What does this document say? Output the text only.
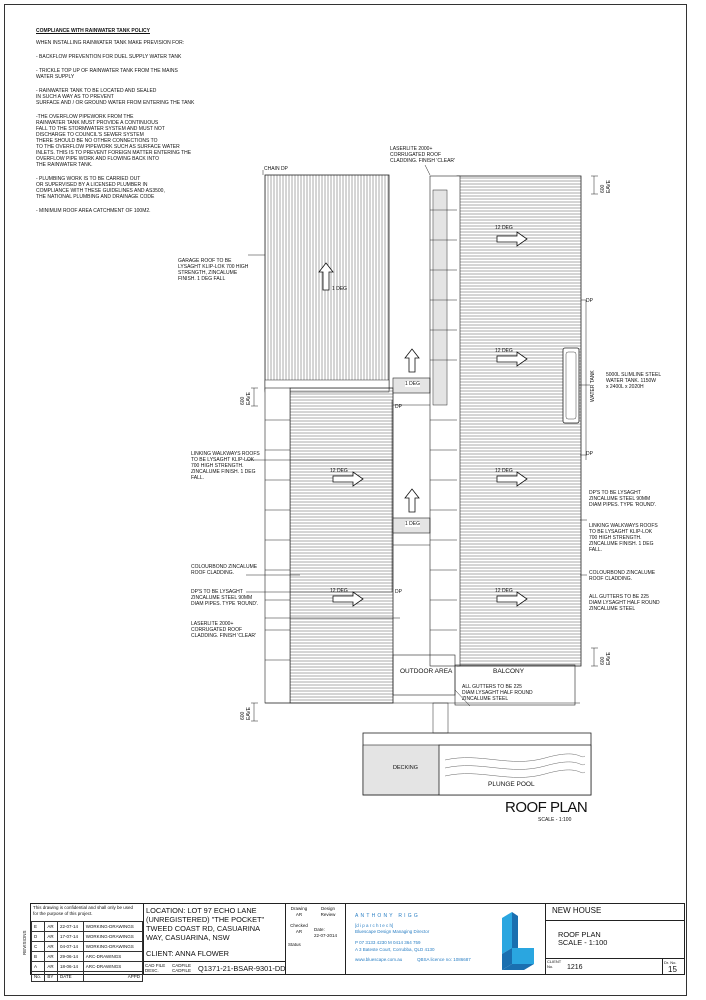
COMPLIANCE WITH RAINWATER TANK POLICY
WHEN INSTALLING RAINWATER TANK MAKE PREVISION FOR:
- BACKFLOW PREVENTION FOR DUEL SUPPLY WATER TANK
- TRICKLE TOP UP OF RAINWATER TANK FROM THE MAINS
WATER SUPPLY
- RAINWATER TANK TO BE LOCATED AND SEALED
IN SUCH A WAY AS TO PREVENT
SURFACE AND / OR GROUND WATER FROM ENTERING THE TANK
-THE OVERFLOW PIPEWORK FROM THE
RAINWATER TANK MUST PROVIDE A CONTINUOUS
FALL TO THE STORMWATER SYSTEM AND MUST NOT
DISCHARGE TO COUNCIL'S SEWER SYSTEM
THERE SHOULD BE NO OTHER CONNECTIONS TO
TO THE OVERFLOW PIPEWORK SUCH AS SURFACE WATER
INLETS. THIS IS TO PREVENT FOREIGN MATTER ENTERING THE
OVERFLOW PIPE WORK AND FLOWING BACK INTO
THE RAINWATER TANK.
- PLUMBING WORK IS TO BE CARRIED OUT
OR SUPERVISED BY A LICENSED PLUMBER IN
COMPLIANCE WITH THESE GUIDELINES AND AS3500,
THE NATIONAL PLUMBING AND DRAINAGE CODE
- MINIMUM ROOF AREA CATCHMENT OF 100M2.
CHAIN DP
LASERLITE 2000+
CORRUGATED ROOF
CLADDING. FINISH 'CLEAR'
GARAGE ROOF TO BE
LYSAGHT KLIP-LOK 700 HIGH
STRENGTH, ZINCALUME
FINISH. 1 DEG FALL
LINKING WALKWAYS ROOFS
TO BE LYSAGHT KLIP-LOK
700 HIGH STRENGTH.
ZINCALUME FINISH. 1 DEG
FALL.
COLOURBOND ZINCALUME
ROOF CLADDING.
DP'S TO BE LYSAGHT
ZINCALUME STEEL 90MM
DIAM PIPES. TYPE 'ROUND'.
LASERLITE 2000+
CORRUGATED ROOF
CLADDING. FINISH 'CLEAR'
5000L SLIMLINE STEEL
WATER TANK. 1150W
x 2400L x 2020H
WATER TANK
DP'S TO BE LYSAGHT
ZINCALUME STEEL 90MM
DIAM PIPES. TYPE 'ROUND'.
LINKING WALKWAYS ROOFS
TO BE LYSAGHT KLIP-LOK
700 HIGH STRENGTH.
ZINCALUME FINISH. 1 DEG
FALL.
COLOURBOND ZINCALUME
ROOF CLADDING.
ALL GUTTERS TO BE 225
DIAM LYSAGHT HALF ROUND
ZINCALUME STEEL
OUTDOOR AREA	BALCONY
ALL GUTTERS TO BE 225
DIAM LYSAGHT HALF ROUND
ZINCALUME STEEL
DECKING
PLUNGE POOL
DP
DP
DP
DP
12 DEG
12 DEG
12 DEG
12 DEG
12 DEG
12 DEG
1 DEG
1 DEG
1 DEG
600
EAVE
600
EAVE
600
EAVE
600
EAVE
ROOF PLAN
SCALE - 1:100
This drawing is confidential and shall only be used
for the purpose of this project.
REVISIONS
E	AR	22-07-14	WORKING-DRAWINGS
D	AR	17-07-14	WORKING-DRAWINGS
C	AR	04-07-14	WORKING-DRAWINGS
B	AR	29-06-14	ARC-DRAWINGS
A	AR	18-06-14	ARC-DRAWINGS
No.	BY	DATE	APPD
LOCATION: LOT 97 ECHO LANE
(UNREGISTERED) "THE POCKET"
TWEED COAST RD, CASUARINA
WAY, CASUARINA, NSW
CLIENT: ANNA FLOWER
CAD FILE
DESC.
CADFILE
CADFILE Q1371-21-BSAR-9301-DD
Drawing
AR
Design
Review
Checked
AR	Date:
22-07-2014
Status
ANTHONY RIGG
[d i p a r c h t e c h]
Bluescape Design Managing Director
P 07 3133 4230 M 0414 364 759
A 3 Bateste Court, Corrubba, QLD 4130
www.bluescape.com.au	QBSA licence no: 1086687
NEW HOUSE
ROOF PLAN
SCALE - 1:100
CLIENT
No.	1216
Dr. No.
15
